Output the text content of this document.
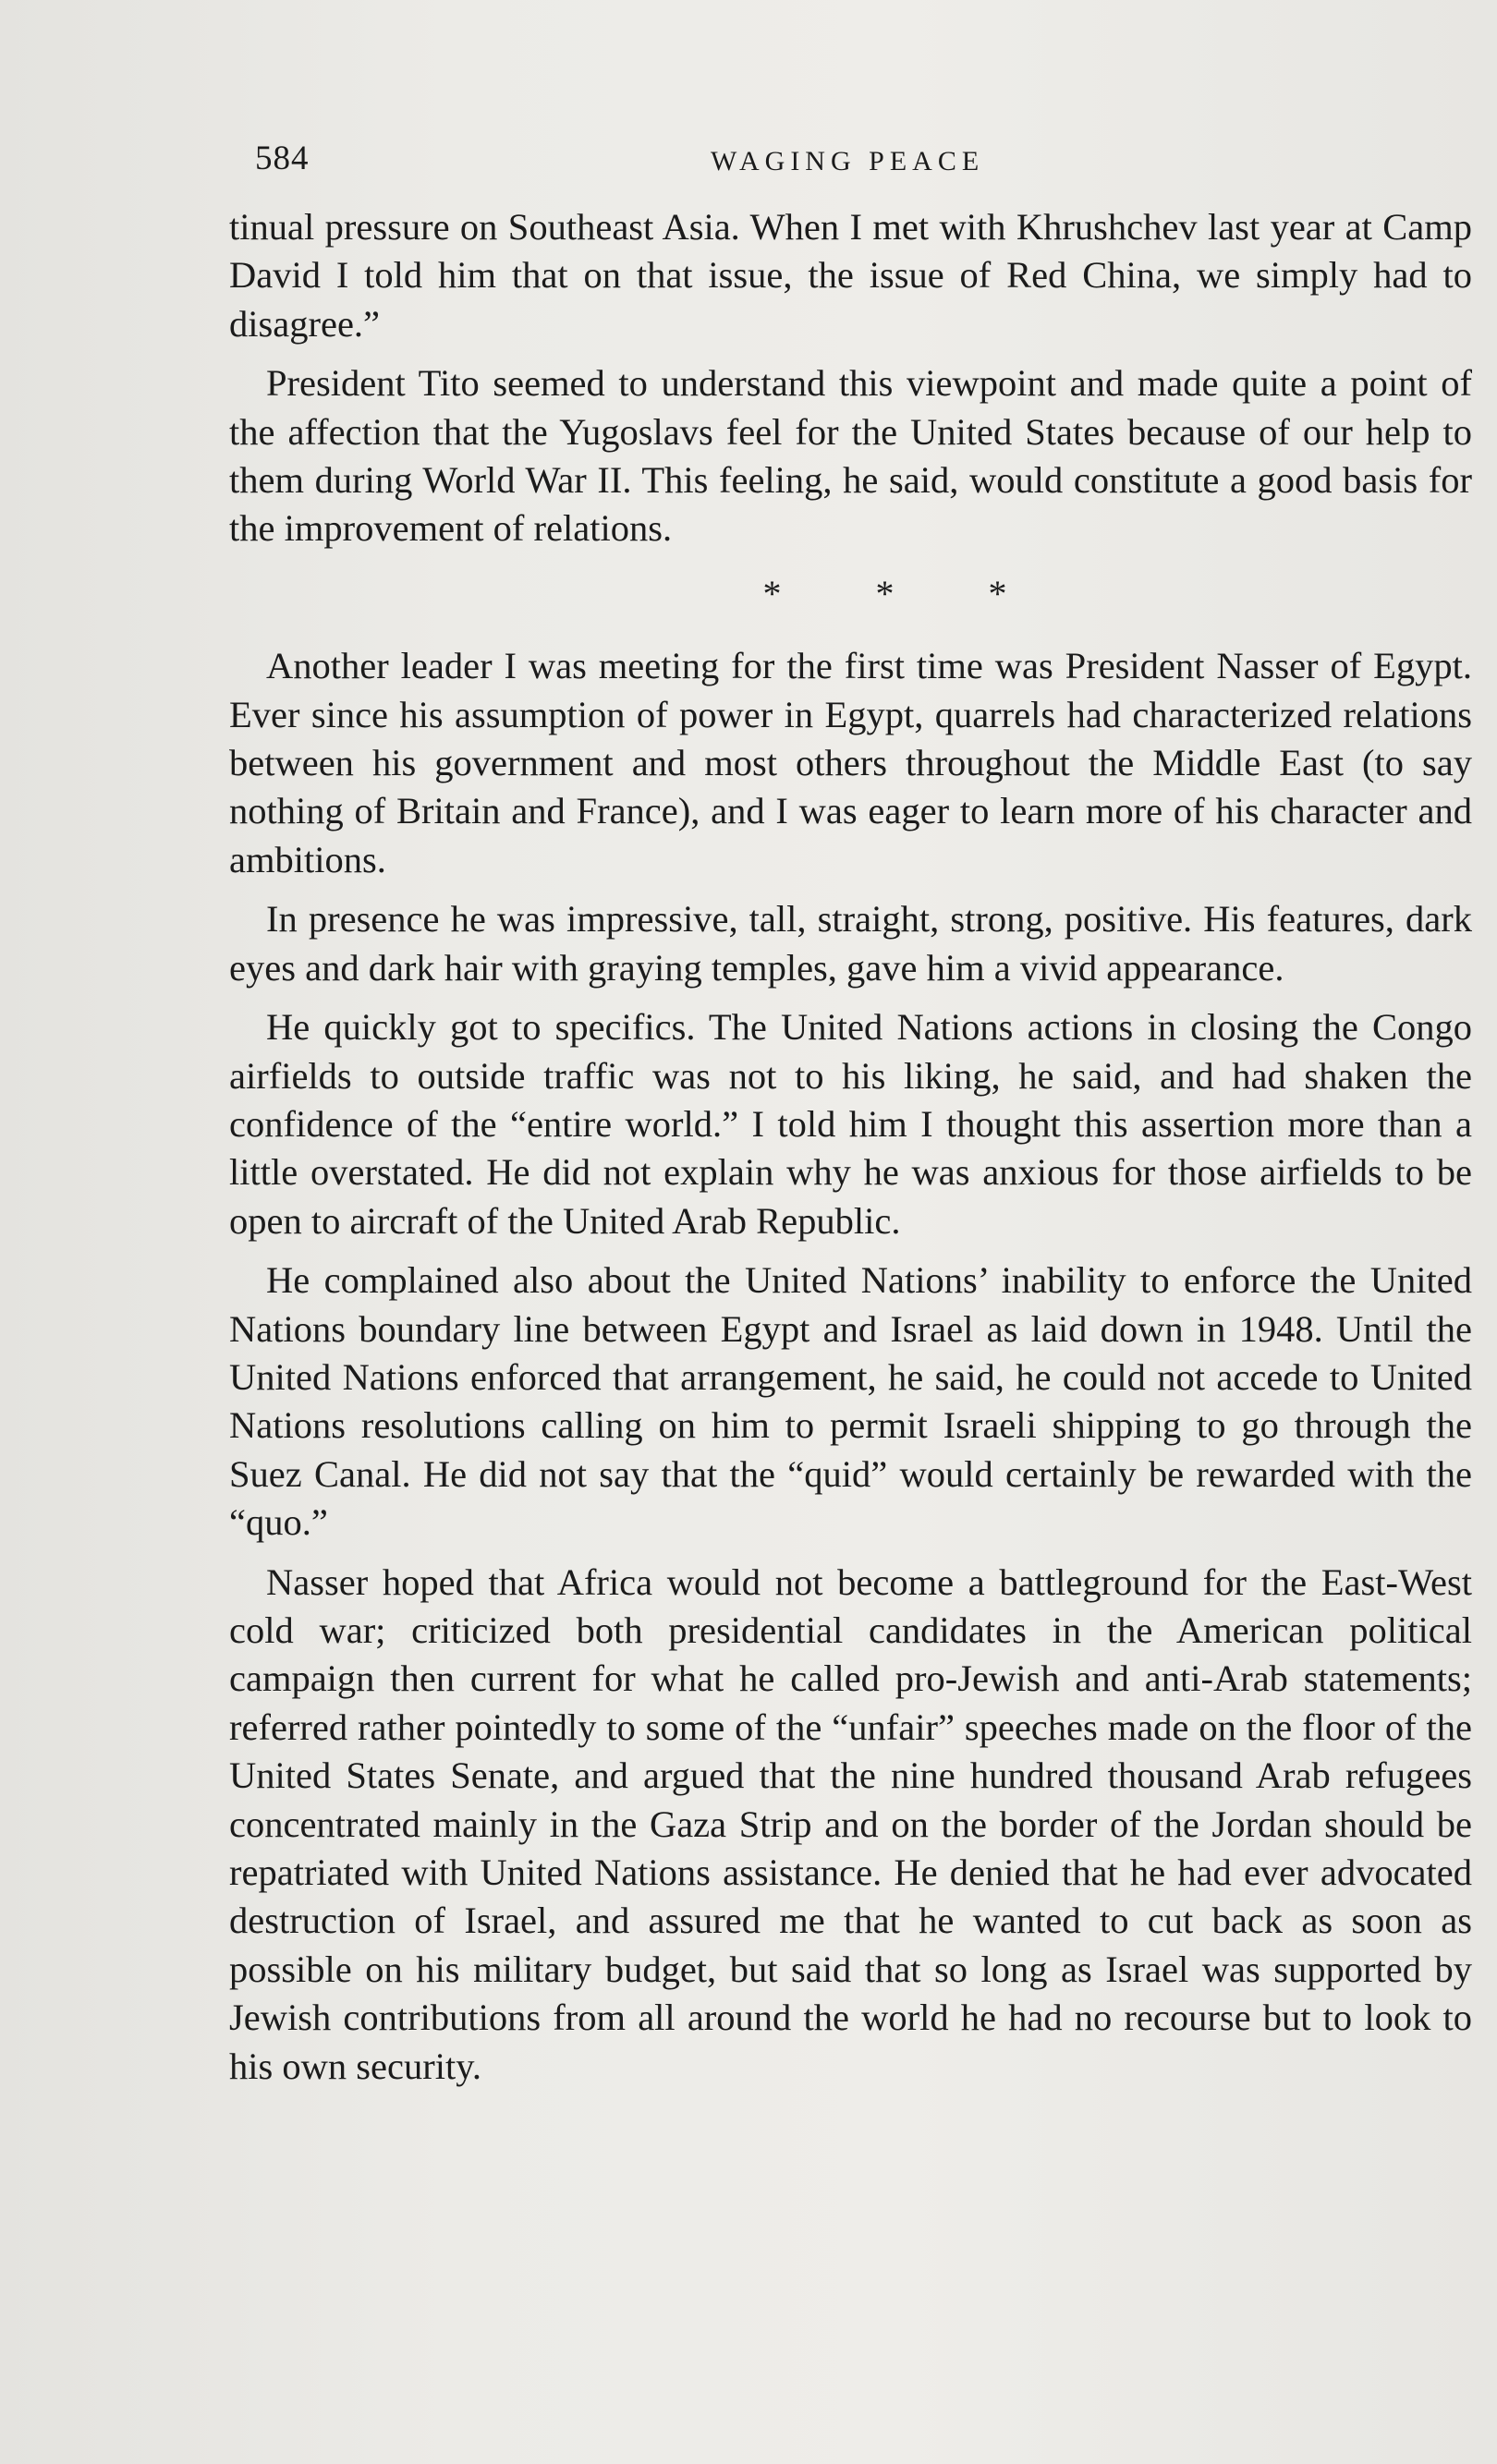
584	WAGING PEACE

tinual pressure on Southeast Asia. When I met with Khrushchev last year at Camp David I told him that on that issue, the issue of Red China, we simply had to disagree.”

President Tito seemed to understand this viewpoint and made quite a point of the affection that the Yugoslavs feel for the United States because of our help to them during World War II. This feeling, he said, would constitute a good basis for the improvement of relations.

* * *

Another leader I was meeting for the first time was President Nasser of Egypt. Ever since his assumption of power in Egypt, quarrels had characterized relations between his government and most others throughout the Middle East (to say nothing of Britain and France), and I was eager to learn more of his character and ambitions.

In presence he was impressive, tall, straight, strong, positive. His features, dark eyes and dark hair with graying temples, gave him a vivid appearance.

He quickly got to specifics. The United Nations actions in closing the Congo airfields to outside traffic was not to his liking, he said, and had shaken the confidence of the “entire world.” I told him I thought this assertion more than a little overstated. He did not explain why he was anxious for those airfields to be open to aircraft of the United Arab Republic.

He complained also about the United Nations’ inability to enforce the United Nations boundary line between Egypt and Israel as laid down in 1948. Until the United Nations enforced that arrangement, he said, he could not accede to United Nations resolutions calling on him to permit Israeli shipping to go through the Suez Canal. He did not say that the “quid” would certainly be rewarded with the “quo.”

Nasser hoped that Africa would not become a battleground for the East-West cold war; criticized both presidential candidates in the American political campaign then current for what he called pro-Jewish and anti-Arab statements; referred rather pointedly to some of the “unfair” speeches made on the floor of the United States Senate, and argued that the nine hundred thousand Arab refugees concentrated mainly in the Gaza Strip and on the border of the Jordan should be repatriated with United Nations assistance. He denied that he had ever advocated destruction of Israel, and assured me that he wanted to cut back as soon as possible on his military budget, but said that so long as Israel was supported by Jewish contributions from all around the world he had no recourse but to look to his own security.
